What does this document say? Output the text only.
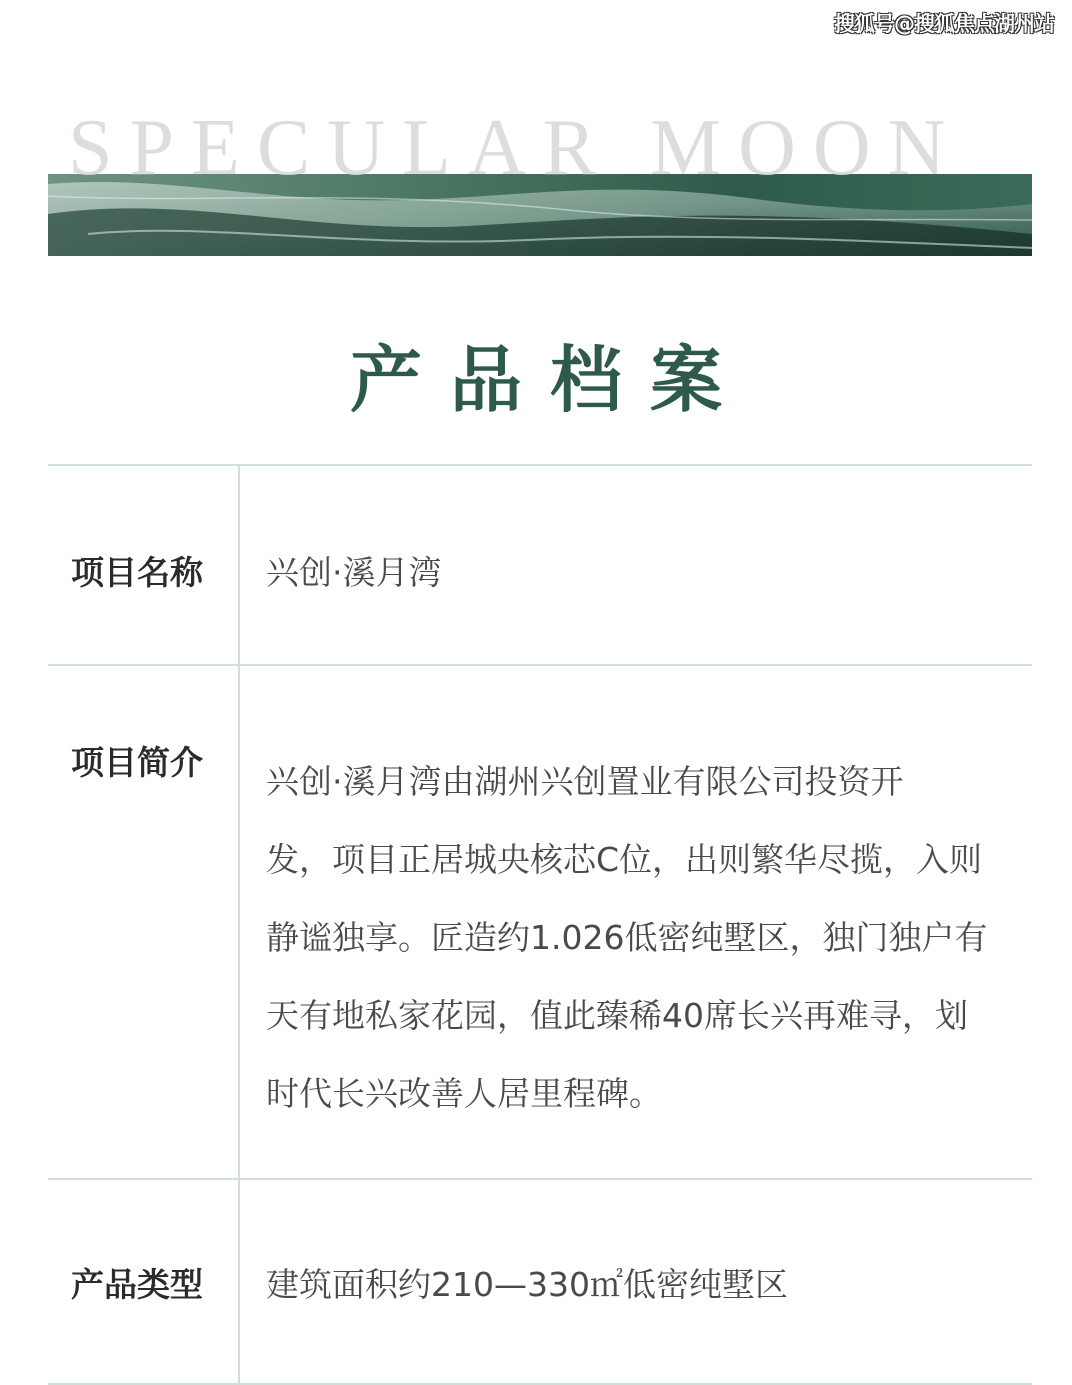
搜狐号@搜狐焦点湖州站
SPECULAR MOON
产品档案
项目名称 兴创·溪月湾
项目简介 兴创·溪月湾由湖州兴创置业有限公司投资开
发，项目正居城央核芯C位，出则繁华尽揽，入则
静谧独享。匠造约1.026低密纯墅区，独门独户有
天有地私家花园，值此臻稀40席长兴再难寻，划
时代长兴改善人居里程碑。
产品类型 建筑面积约210—330㎡低密纯墅区
